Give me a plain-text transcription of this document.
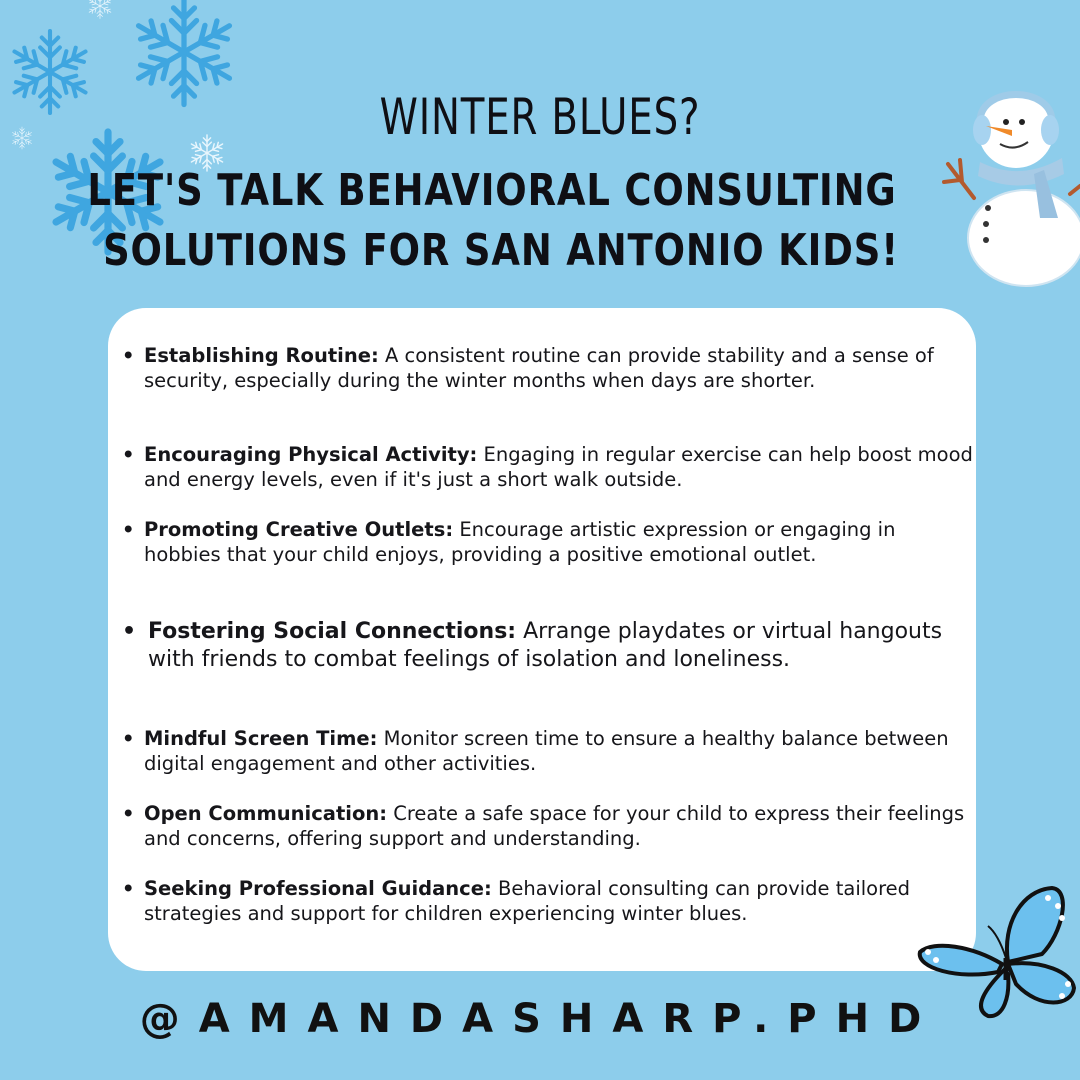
WINTER BLUES?
LET'S TALK BEHAVIORAL CONSULTING
SOLUTIONS FOR SAN ANTONIO KIDS!
• Establishing Routine: A consistent routine can provide stability and a sense of security, especially during the winter months when days are shorter.
• Encouraging Physical Activity: Engaging in regular exercise can help boost mood and energy levels, even if it's just a short walk outside.
• Promoting Creative Outlets: Encourage artistic expression or engaging in hobbies that your child enjoys, providing a positive emotional outlet.
• Fostering Social Connections: Arrange playdates or virtual hangouts with friends to combat feelings of isolation and loneliness.
• Mindful Screen Time: Monitor screen time to ensure a healthy balance between digital engagement and other activities.
• Open Communication: Create a safe space for your child to express their feelings and concerns, offering support and understanding.
• Seeking Professional Guidance: Behavioral consulting can provide tailored strategies and support for children experiencing winter blues.
@AMANDASHARP.PHD
